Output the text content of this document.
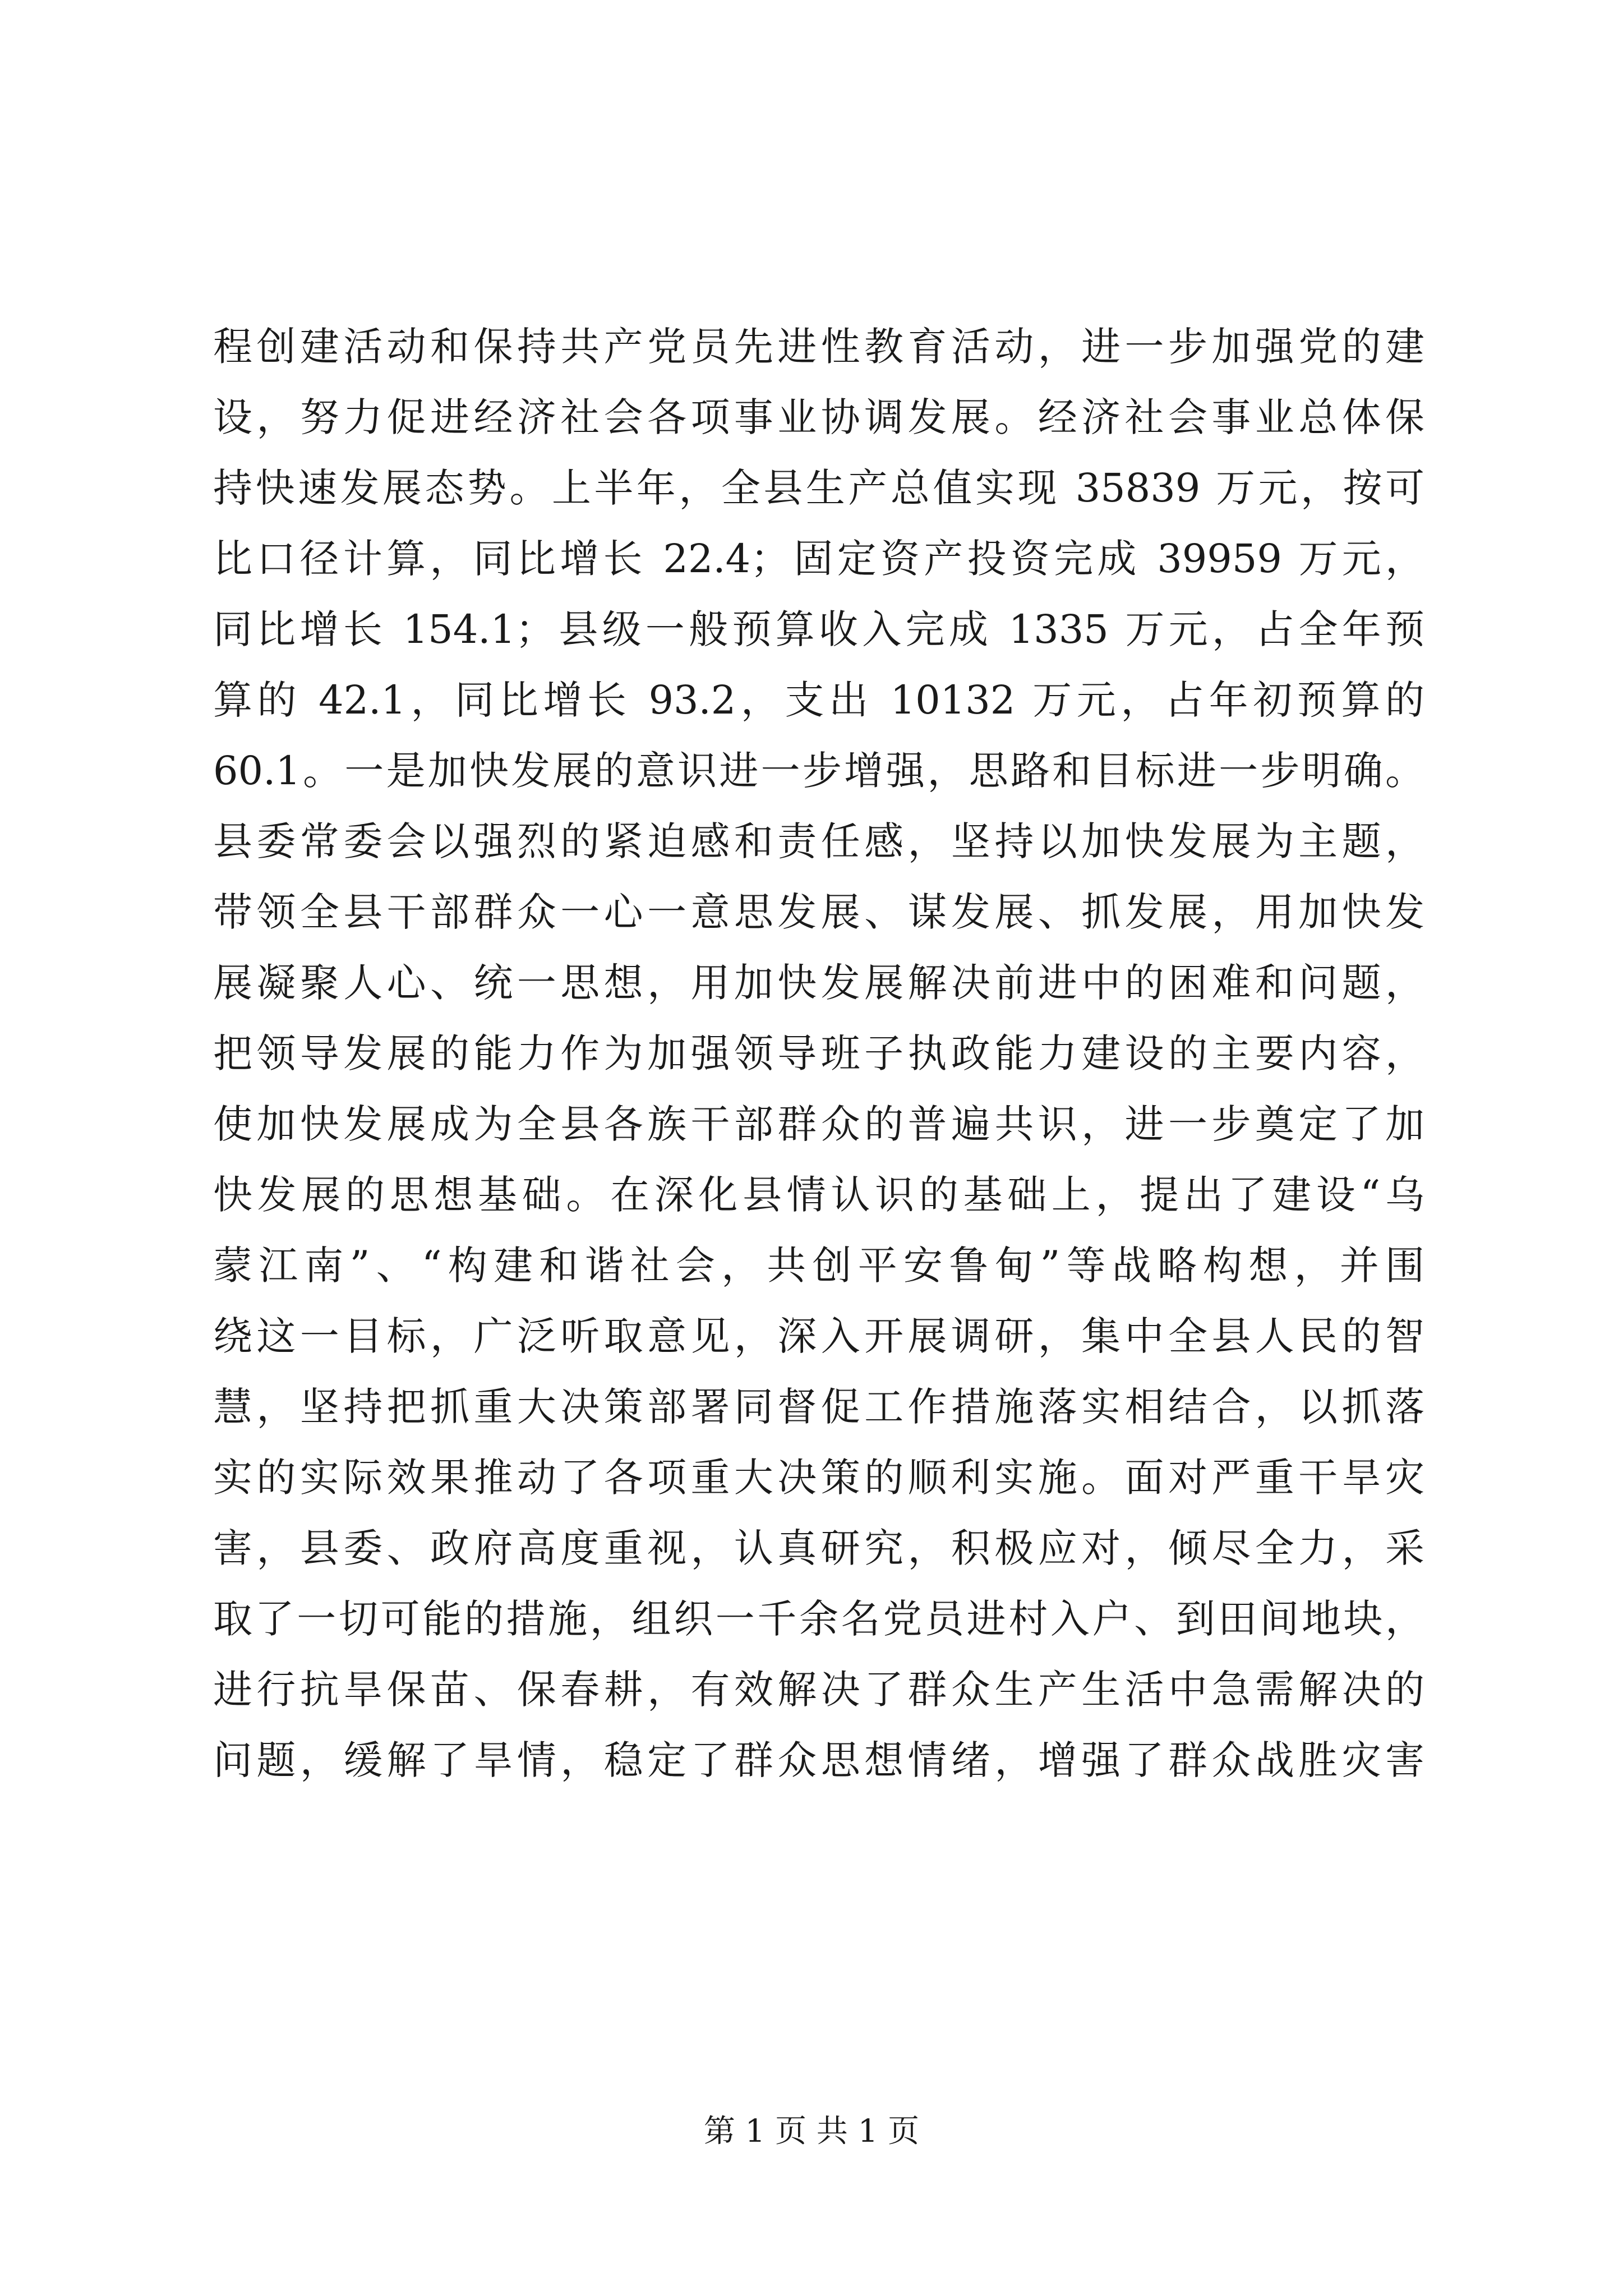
程创建活动和保持共产党员先进性教育活动，进一步加强党的建
设，努力促进经济社会各项事业协调发展。经济社会事业总体保
持快速发展态势。上半年，全县生产总值实现 35839 万元，按可
比口径计算，同比增长 22.4；固定资产投资完成 39959 万元，
同比增长 154.1；县级一般预算收入完成 1335 万元，占全年预
算的 42.1，同比增长 93.2，支出 10132 万元，占年初预算的
60.1。一是加快发展的意识进一步增强，思路和目标进一步明确。
县委常委会以强烈的紧迫感和责任感，坚持以加快发展为主题，
带领全县干部群众一心一意思发展、谋发展、抓发展，用加快发
展凝聚人心、统一思想，用加快发展解决前进中的困难和问题，
把领导发展的能力作为加强领导班子执政能力建设的主要内容，
使加快发展成为全县各族干部群众的普遍共识，进一步奠定了加
快发展的思想基础。在深化县情认识的基础上，提出了建设“乌
蒙江南”、“构建和谐社会，共创平安鲁甸”等战略构想，并围
绕这一目标，广泛听取意见，深入开展调研，集中全县人民的智
慧，坚持把抓重大决策部署同督促工作措施落实相结合，以抓落
实的实际效果推动了各项重大决策的顺利实施。面对严重干旱灾
害，县委、政府高度重视，认真研究，积极应对，倾尽全力，采
取了一切可能的措施，组织一千余名党员进村入户、到田间地块，
进行抗旱保苗、保春耕，有效解决了群众生产生活中急需解决的
问题，缓解了旱情，稳定了群众思想情绪，增强了群众战胜灾害
第 1 页 共 1 页
